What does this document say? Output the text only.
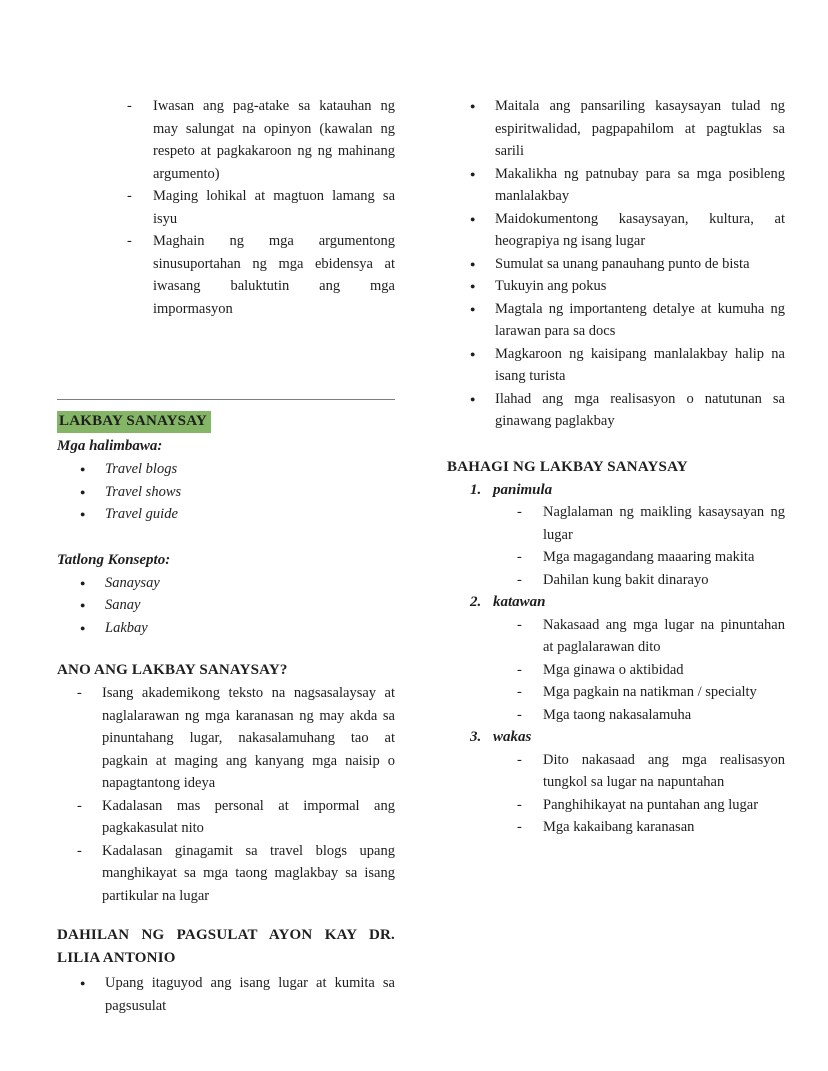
- Iwasan ang pag-atake sa katauhan ng may salungat na opinyon (kawalan ng respeto at pagkakaroon ng ng mahinang argumento)
- Maging lohikal at magtuon lamang sa isyu
- Maghain ng mga argumentong sinusuportahan ng mga ebidensya at iwasang baluktutin ang mga impormasyon
LAKBAY SANAYSAY
Mga halimbawa:
● Travel blogs
● Travel shows
● Travel guide
Tatlong Konsepto:
● Sanaysay
● Sanay
● Lakbay
ANO ANG LAKBAY SANAYSAY?
- Isang akademikong teksto na nagsasalaysay at naglalarawan ng mga karanasan ng may akda sa pinuntahang lugar, nakasalamuhang tao at pagkain at maging ang kanyang mga naisip o napagtantong ideya
- Kadalasan mas personal at impormal ang pagkakasulat nito
- Kadalasan ginagamit sa travel blogs upang manghikayat sa mga taong maglakbay sa isang partikular na lugar
DAHILAN NG PAGSULAT AYON KAY DR. LILIA ANTONIO
● Upang itaguyod ang isang lugar at kumita sa pagsusulat
● Maitala ang pansariling kasaysayan tulad ng espiritwalidad, pagpapahilom at pagtuklas sa sarili
● Makalikha ng patnubay para sa mga posibleng manlalakbay
● Maidokumentong kasaysayan, kultura, at heograpiya ng isang lugar
● Sumulat sa unang panauhang punto de bista
● Tukuyin ang pokus
● Magtala ng importanteng detalye at kumuha ng larawan para sa docs
● Magkaroon ng kaisipang manlalakbay halip na isang turista
● Ilahad ang mga realisasyon o natutunan sa ginawang paglakbay
BAHAGI NG LAKBAY SANAYSAY
1. panimula
- Naglalaman ng maikling kasaysayan ng lugar
- Mga magagandang maaaring makita
- Dahilan kung bakit dinarayo
2. katawan
- Nakasaad ang mga lugar na pinuntahan at paglalarawan dito
- Mga ginawa o aktibidad
- Mga pagkain na natikman / specialty
- Mga taong nakasalamuha
3. wakas
- Dito nakasaad ang mga realisasyon tungkol sa lugar na napuntahan
- Panghihikayat na puntahan ang lugar
- Mga kakaibang karanasan
